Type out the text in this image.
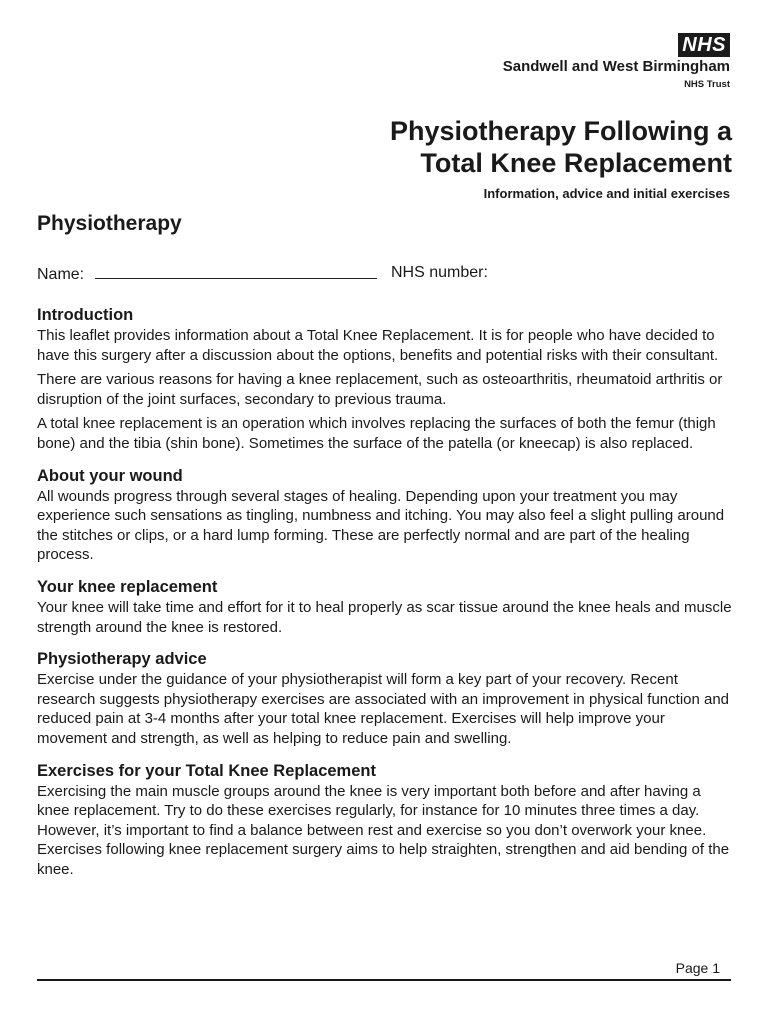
NHS
Sandwell and West Birmingham
NHS Trust
Physiotherapy Following a
Total Knee Replacement
Information, advice and initial exercises
Physiotherapy
Name:	NHS number:
Introduction

This leaflet provides information about a Total Knee Replacement. It is for people who have decided to have this surgery after a discussion about the options, benefits and potential risks with their consultant.

There are various reasons for having a knee replacement, such as osteoarthritis, rheumatoid arthritis or disruption of the joint surfaces, secondary to previous trauma.

A total knee replacement is an operation which involves replacing the surfaces of both the femur (thigh bone) and the tibia (shin bone). Sometimes the surface of the patella (or kneecap) is also replaced.

About your wound

All wounds progress through several stages of healing. Depending upon your treatment you may experience such sensations as tingling, numbness and itching. You may also feel a slight pulling around the stitches or clips, or a hard lump forming. These are perfectly normal and are part of the healing process.

Your knee replacement

Your knee will take time and effort for it to heal properly as scar tissue around the knee heals and muscle strength around the knee is restored.

Physiotherapy advice

Exercise under the guidance of your physiotherapist will form a key part of your recovery. Recent research suggests physiotherapy exercises are associated with an improvement in physical function and reduced pain at 3-4 months after your total knee replacement. Exercises will help improve your movement and strength, as well as helping to reduce pain and swelling.

Exercises for your Total Knee Replacement

Exercising the main muscle groups around the knee is very important both before and after having a knee replacement. Try to do these exercises regularly, for instance for 10 minutes three times a day. However, it’s important to find a balance between rest and exercise so you don’t overwork your knee. Exercises following knee replacement surgery aims to help straighten, strengthen and aid bending of the knee.

Page 1
